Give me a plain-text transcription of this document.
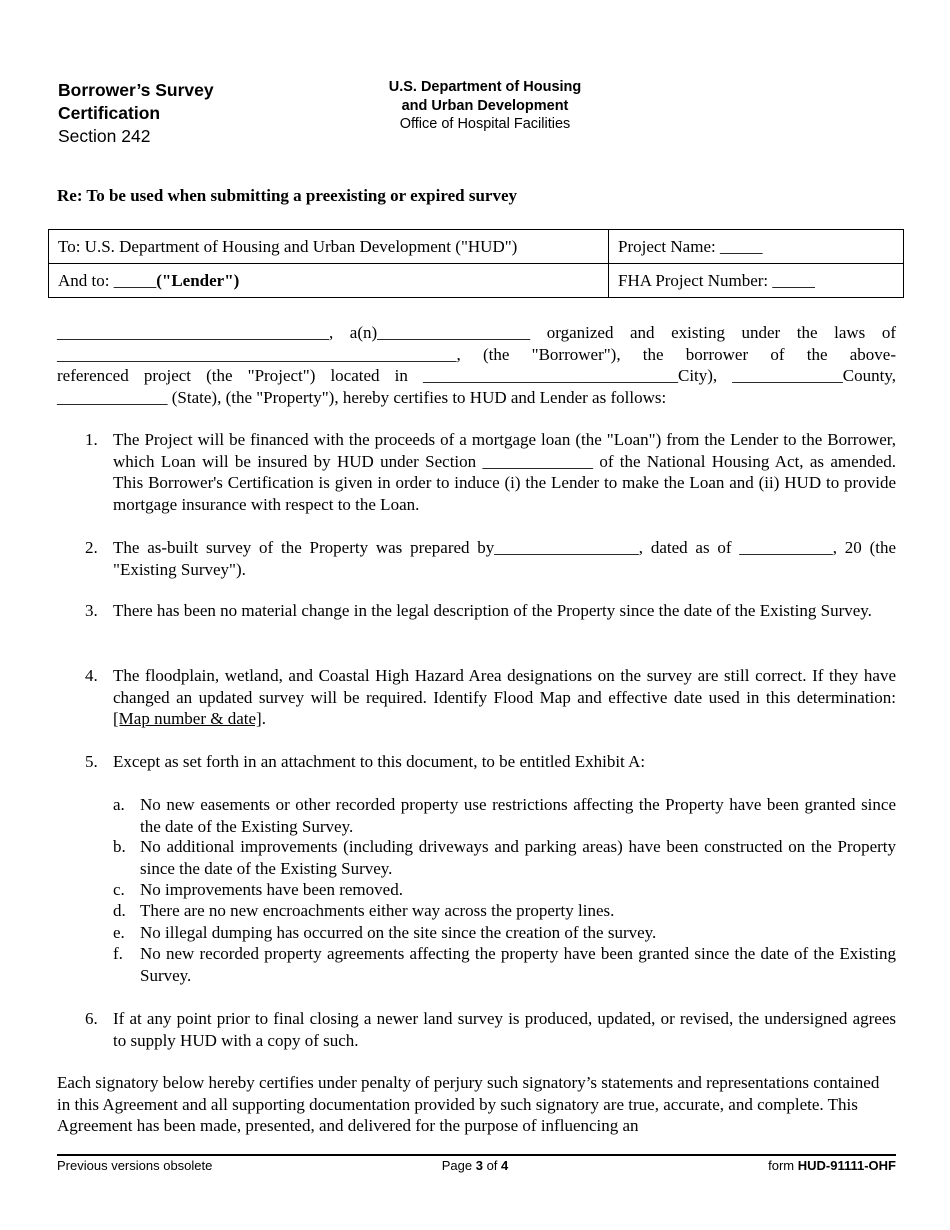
Borrower’s Survey
Certification
Section 242
U.S. Department of Housing
and Urban Development
Office of Hospital Facilities
Re: To be used when submitting a preexisting or expired survey
To: U.S. Department of Housing and Urban Development ("HUD")	Project Name: _____
And to: _____("Lender")	FHA Project Number: _____
________________________________, a(n)__________________ organized and existing under the laws of
_______________________________________________, (the "Borrower"), the borrower of the above-
referenced project (the "Project") located in ______________________________City), _____________County,
_____________ (State), (the "Property"), hereby certifies to HUD and Lender as follows:
1. The Project will be financed with the proceeds of a mortgage loan (the "Loan") from the Lender to the Borrower, which Loan will be insured by HUD under Section _____________ of the National Housing Act, as amended. This Borrower's Certification is given in order to induce (i) the Lender to make the Loan and (ii) HUD to provide mortgage insurance with respect to the Loan.
2. The as-built survey of the Property was prepared by_________________, dated as of ___________, 20 (the "Existing Survey").
3. There has been no material change in the legal description of the Property since the date of the Existing Survey.
4. The floodplain, wetland, and Coastal High Hazard Area designations on the survey are still correct. If they have changed an updated survey will be required. Identify Flood Map and effective date used in this determination: [Map number & date].
5. Except as set forth in an attachment to this document, to be entitled Exhibit A:
a. No new easements or other recorded property use restrictions affecting the Property have been granted since the date of the Existing Survey.
b. No additional improvements (including driveways and parking areas) have been constructed on the Property since the date of the Existing Survey.
c. No improvements have been removed.
d. There are no new encroachments either way across the property lines.
e. No illegal dumping has occurred on the site since the creation of the survey.
f. No new recorded property agreements affecting the property have been granted since the date of the Existing Survey.
6. If at any point prior to final closing a newer land survey is produced, updated, or revised, the undersigned agrees to supply HUD with a copy of such.
Each signatory below hereby certifies under penalty of perjury such signatory’s statements and representations contained in this Agreement and all supporting documentation provided by such signatory are true, accurate, and complete. This Agreement has been made, presented, and delivered for the purpose of influencing an
Previous versions obsolete	Page 3 of 4	form HUD-91111-OHF
